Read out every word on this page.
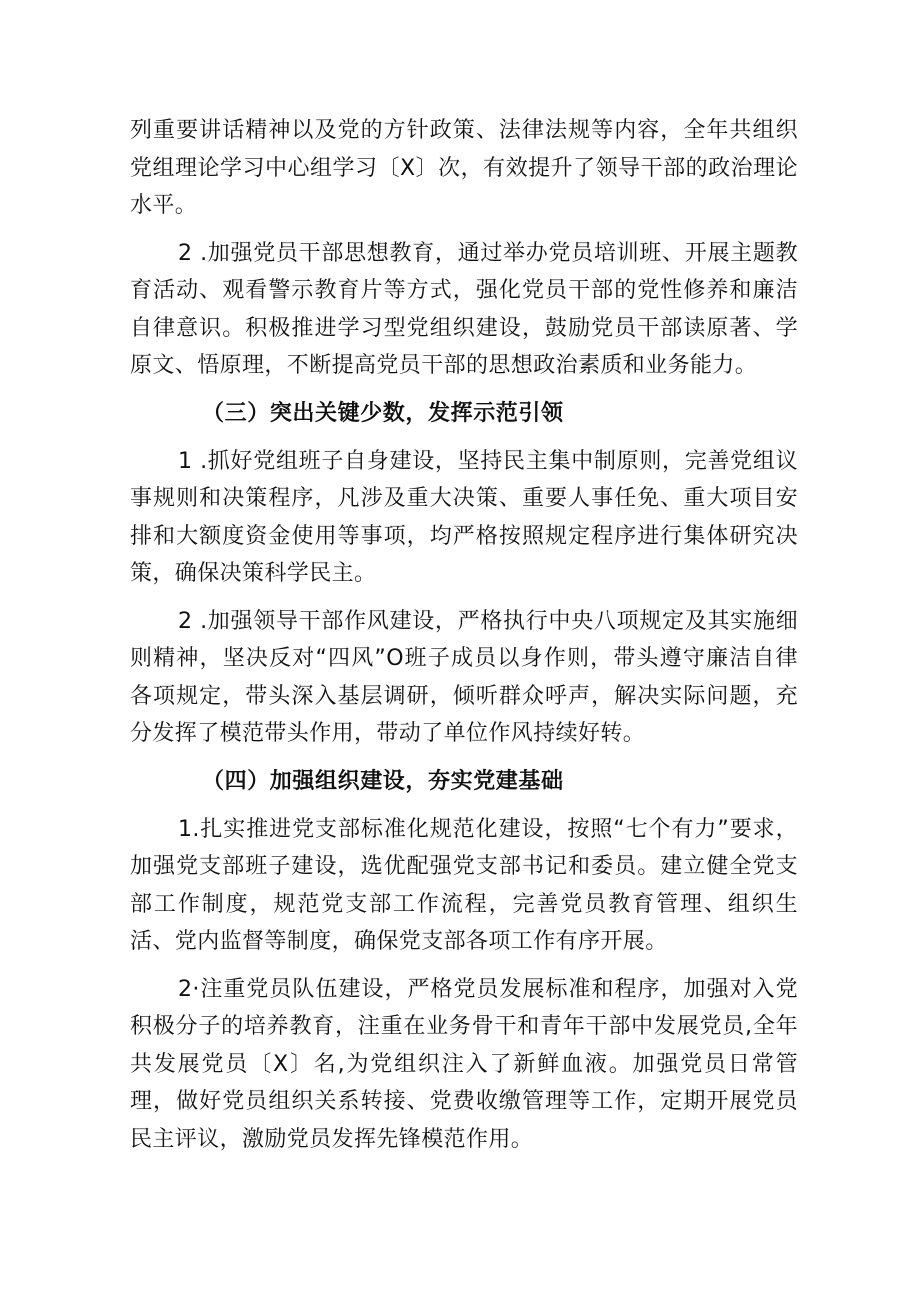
列重要讲话精神以及党的方针政策、法律法规等内容，全年共组织党组理论学习中心组学习〔X〕次，有效提升了领导干部的政治理论水平。

2 .加强党员干部思想教育，通过举办党员培训班、开展主题教育活动、观看警示教育片等方式，强化党员干部的党性修养和廉洁自律意识。积极推进学习型党组织建设，鼓励党员干部读原著、学原文、悟原理，不断提高党员干部的思想政治素质和业务能力。

（三）突出关键少数，发挥示范引领

1 .抓好党组班子自身建设，坚持民主集中制原则，完善党组议事规则和决策程序，凡涉及重大决策、重要人事任免、重大项目安排和大额度资金使用等事项，均严格按照规定程序进行集体研究决策，确保决策科学民主。

2 .加强领导干部作风建设，严格执行中央八项规定及其实施细则精神，坚决反对“四风”O班子成员以身作则，带头遵守廉洁自律各项规定，带头深入基层调研，倾听群众呼声，解决实际问题，充分发挥了模范带头作用，带动了单位作风持续好转。

（四）加强组织建设，夯实党建基础

1.扎实推进党支部标准化规范化建设，按照“七个有力”要求，加强党支部班子建设，选优配强党支部书记和委员。建立健全党支部工作制度，规范党支部工作流程，完善党员教育管理、组织生活、党内监督等制度，确保党支部各项工作有序开展。

2·注重党员队伍建设，严格党员发展标准和程序，加强对入党积极分子的培养教育，注重在业务骨干和青年干部中发展党员,全年共发展党员〔X〕名,为党组织注入了新鲜血液。加强党员日常管理，做好党员组织关系转接、党费收缴管理等工作，定期开展党员民主评议，激励党员发挥先锋模范作用。
